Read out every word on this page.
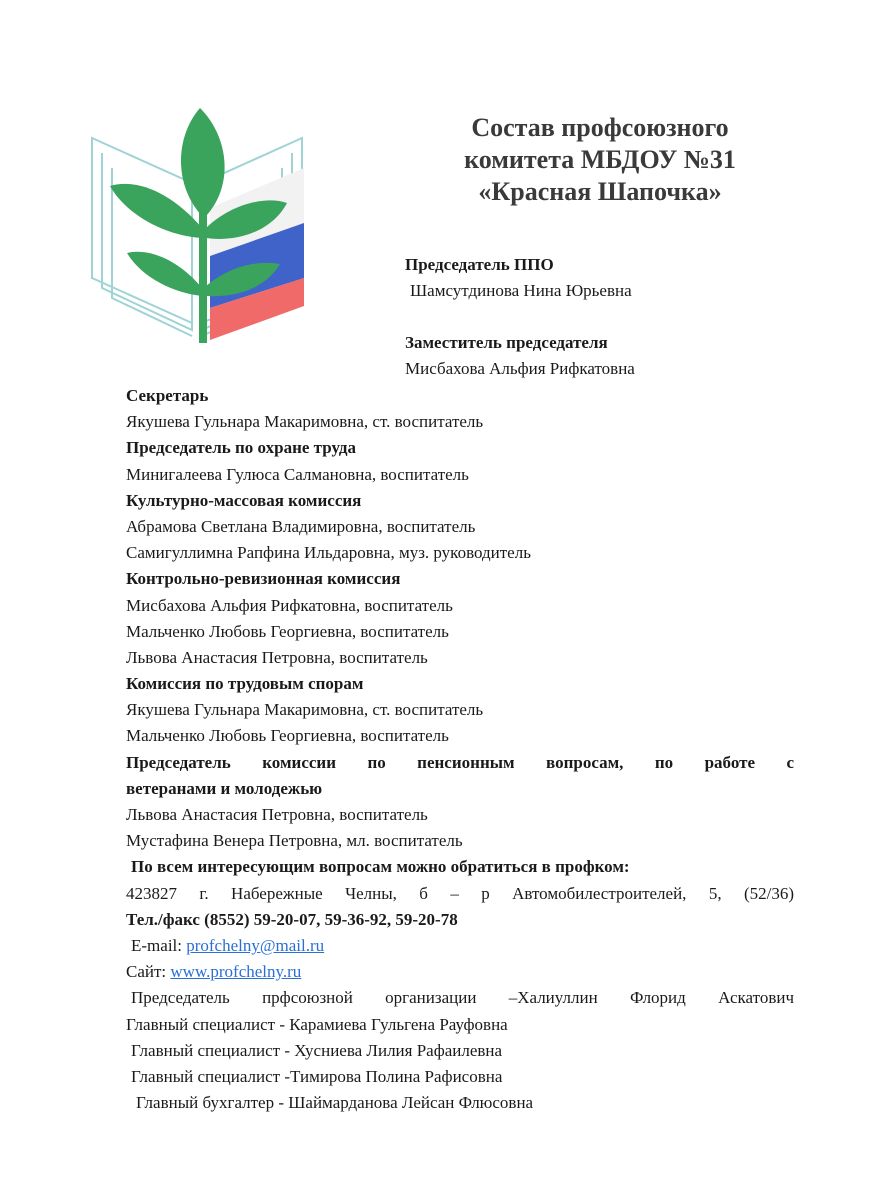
Состав профсоюзного
комитета МБДОУ №31
«Красная Шапочка»
Председатель ППО
Шамсутдинова Нина Юрьевна
Заместитель председателя
Мисбахова Альфия Рифкатовна
Секретарь
Якушева Гульнара Макаримовна, ст. воспитатель
Председатель по охране труда
Минигалеева Гулюса Салмановна, воспитатель
Культурно-массовая комиссия
Абрамова Светлана Владимировна, воспитатель
Самигуллимна Рапфина Ильдаровна, муз. руководитель
Контрольно-ревизионная комиссия
Мисбахова Альфия Рифкатовна, воспитатель
Мальченко Любовь Георгиевна, воспитатель
Львова Анастасия Петровна, воспитатель
Комиссия по трудовым спорам
Якушева Гульнара Макаримовна, ст. воспитатель
Мальченко Любовь Георгиевна, воспитатель
Председатель комиссии по пенсионным вопросам, по работе с
ветеранами и молодежью
Львова Анастасия Петровна, воспитатель
Мустафина Венера Петровна, мл. воспитатель
По всем интересующим вопросам можно обратиться в профком:
423827 г. Набережные Челны, б – р Автомобилестроителей, 5, (52/36)
Тел./факс (8552) 59-20-07, 59-36-92, 59-20-78
E-mail: profchelny@mail.ru
Сайт: www.profchelny.ru
Председатель прфсоюзной организации –Халиуллин Флорид Аскатович
Главный специалист - Карамиева Гульгена Рауфовна
Главный специалист - Хусниева Лилия Рафаилевна
Главный специалист -Тимирова Полина Рафисовна
Главный бухгалтер - Шаймарданова Лейсан Флюсовна
